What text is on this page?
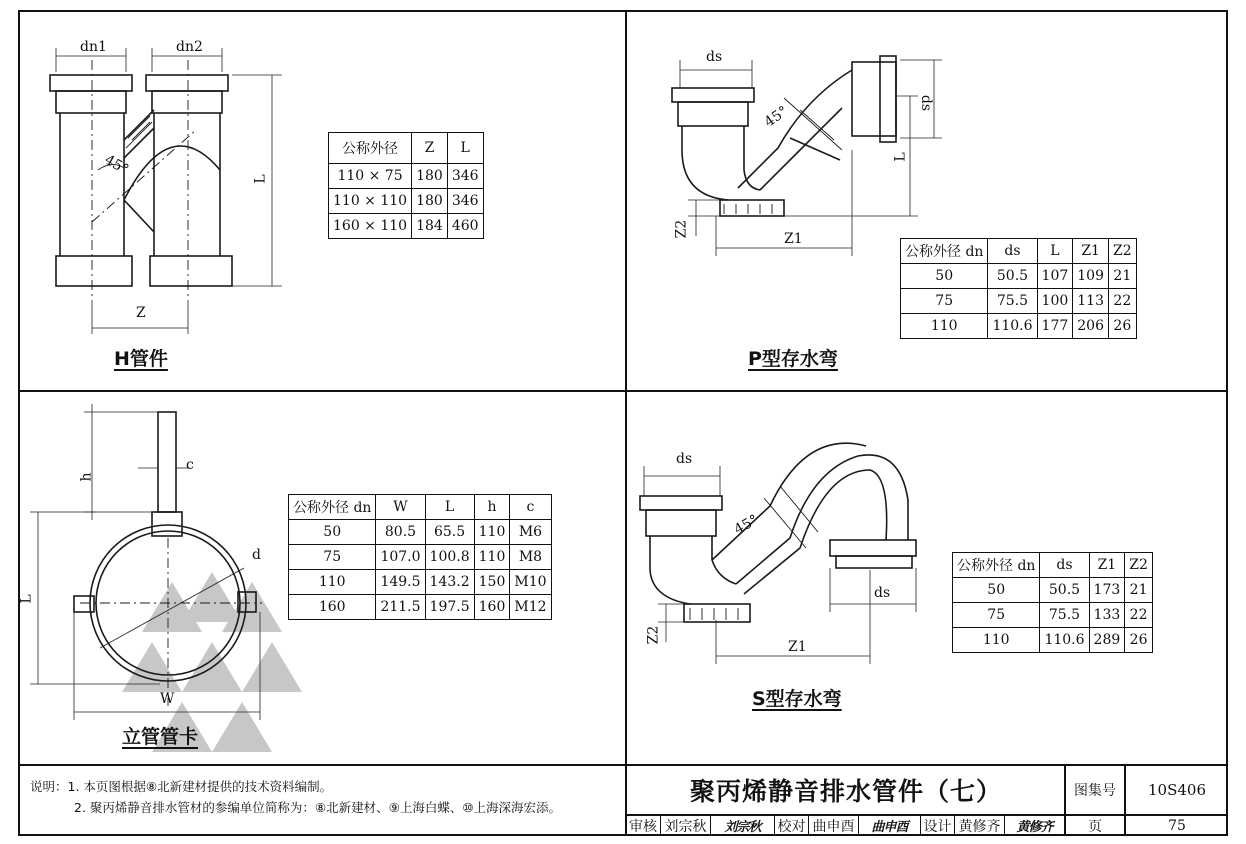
dn1	dn2
L
Z
45°
公称外径	Z	L
110 × 75	180	346
110 × 110	180	346
160 × 110	184	460
H管件
ds
ds
L
Z1
Z2
45°
公称外径 dn	ds	L	Z1	Z2
50	50.5	107	109	21
75	75.5	100	113	22
110	110.6	177	206	26
P型存水弯
h
c
d
L
W
公称外径 dn	W	L	h	c
50	80.5	65.5	110	M6
75	107.0	100.8	110	M8
110	149.5	143.2	150	M10
160	211.5	197.5	160	M12
立管管卡
ds
ds
Z1
Z2
45°
公称外径 dn	ds	Z1	Z2
50	50.5	173	21
75	75.5	133	22
110	110.6	289	26
S型存水弯
说明：1. 本页图根据⑧北新建材提供的技术资料编制。
2. 聚丙烯静音排水管材的参编单位简称为：⑧北新建材、⑨上海白蝶、⑩上海深海宏添。
聚丙烯静音排水管件（七）	图集号	10S406
审核 刘宗秋	刘宗秋	校对 曲申酉	曲申酉	设计 黄修齐	黄修齐	页	75
